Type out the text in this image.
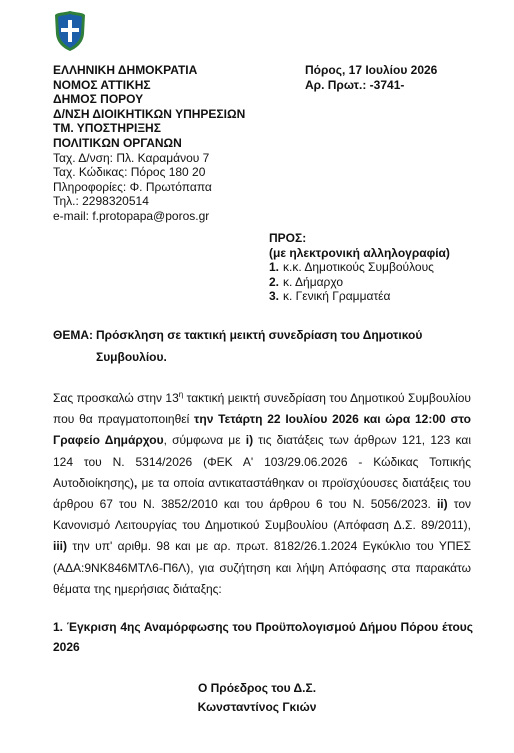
ΕΛΛΗΝΙΚΗ ΔΗΜΟΚΡΑΤΙΑ
ΝΟΜΟΣ ΑΤΤΙΚΗΣ
ΔΗΜΟΣ ΠΟΡΟΥ
Δ/ΝΣΗ ΔΙΟΙΚΗΤΙΚΩΝ ΥΠΗΡΕΣΙΩΝ
ΤΜ. ΥΠΟΣΤΗΡΙΞΗΣ
ΠΟΛΙΤΙΚΩΝ ΟΡΓΑΝΩΝ
Ταχ. Δ/νση: Πλ. Καραμάνου 7
Ταχ. Κώδικας: Πόρος 180 20
Πληροφορίες: Φ. Πρωτόπαπα
Τηλ.: 2298320514
e-mail: f.protopapa@poros.gr
Πόρος, 17 Ιουλίου 2026
Αρ. Πρωτ.: -3741-
ΠΡΟΣ:
(με ηλεκτρονική αλληλογραφία)
1. κ.κ. Δημοτικούς Συμβούλους
2. κ. Δήμαρχο
3. κ. Γενική Γραμματέα
ΘΕΜΑ: Πρόσκληση σε τακτική μεικτή συνεδρίαση του Δημοτικού
Συμβουλίου.
Σας προσκαλώ στην $13^\eta$ τακτική μεικτή συνεδρίαση του Δημοτικού Συμβουλίου που θα πραγματοποιηθεί την Τετάρτη 22 Ιουλίου 2026 και ώρα 12:00 στο Γραφείο Δημάρχου, σύμφωνα με i) τις διατάξεις των άρθρων 121, 123 και 124 του Ν. 5314/2026 (ΦΕΚ Α' 103/29.06.2026 - Κώδικας Τοπικής Αυτοδιοίκησης), με τα οποία αντικαταστάθηκαν οι προϊσχύουσες διατάξεις του άρθρου 67 του Ν. 3852/2010 και του άρθρου 6 του Ν. 5056/2023. ii) τον Κανονισμό Λειτουργίας του Δημοτικού Συμβουλίου (Απόφαση Δ.Σ. 89/2011), iii) την υπ' αριθμ. 98 και με αρ. πρωτ. 8182/26.1.2024 Εγκύκλιο του ΥΠΕΣ (ΑΔΑ:9ΝΚ846ΜΤΛ6-Π6Λ), για συζήτηση και λήψη Απόφασης στα παρακάτω θέματα της ημερήσιας διάταξης:
1. Έγκριση 4ης Αναμόρφωσης του Προϋπολογισμού Δήμου Πόρου έτους 2026
Ο Πρόεδρος του Δ.Σ.
Κωνσταντίνος Γκιών
